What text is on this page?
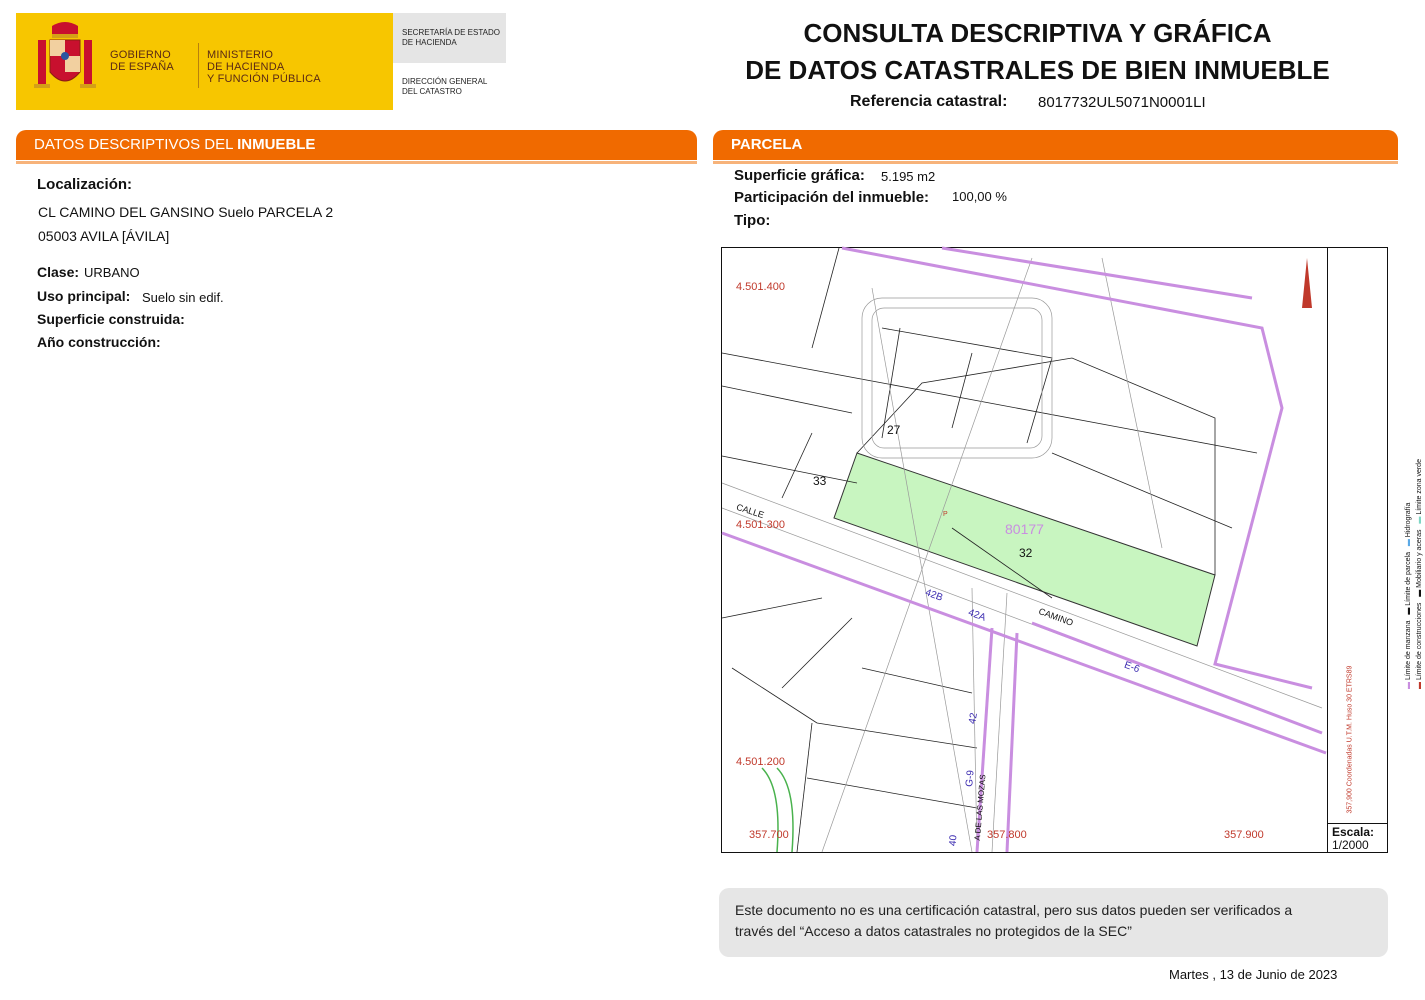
GOBIERNO
DE ESPAÑA
MINISTERIO
DE HACIENDA
Y FUNCIÓN PÚBLICA
SECRETARÍA DE ESTADO
DE HACIENDA
DIRECCIÓN GENERAL
DEL CATASTRO
CONSULTA DESCRIPTIVA Y GRÁFICA
DE DATOS CATASTRALES DE BIEN INMUEBLE
Referencia catastral: 8017732UL5071N0001LI
DATOS DESCRIPTIVOS DEL INMUEBLE
Localización:
CL CAMINO DEL GANSINO Suelo PARCELA 2
05003 AVILA [ÁVILA]
Clase: URBANO
Uso principal: Suelo sin edif.
Superficie construida:
Año construcción:
PARCELA
Superficie gráfica: 5.195 m2
Participación del inmueble: 100,00 %
Tipo:
4.501.400
4.501.300
4.501.200
357.700	357.800	357.900
27
33
32
80177
P
CALLE
CAMINO
42B
42A
42
E-6
G-9
40 A DE LAS MOZAS
▬ Límite de manzana   ▬ Límite de parcela   ▬ Hidrografía
▬ Límite de construcciones   ▬ Mobiliario y aceras   ▬ Límite zona verde
357,900 Coordenadas U.T.M. Huso 30 ETRS89
Escala:
1/2000
Este documento no es una certificación catastral, pero sus datos pueden ser verificados a
través del “Acceso a datos catastrales no protegidos de la SEC”
Martes , 13 de Junio de 2023
